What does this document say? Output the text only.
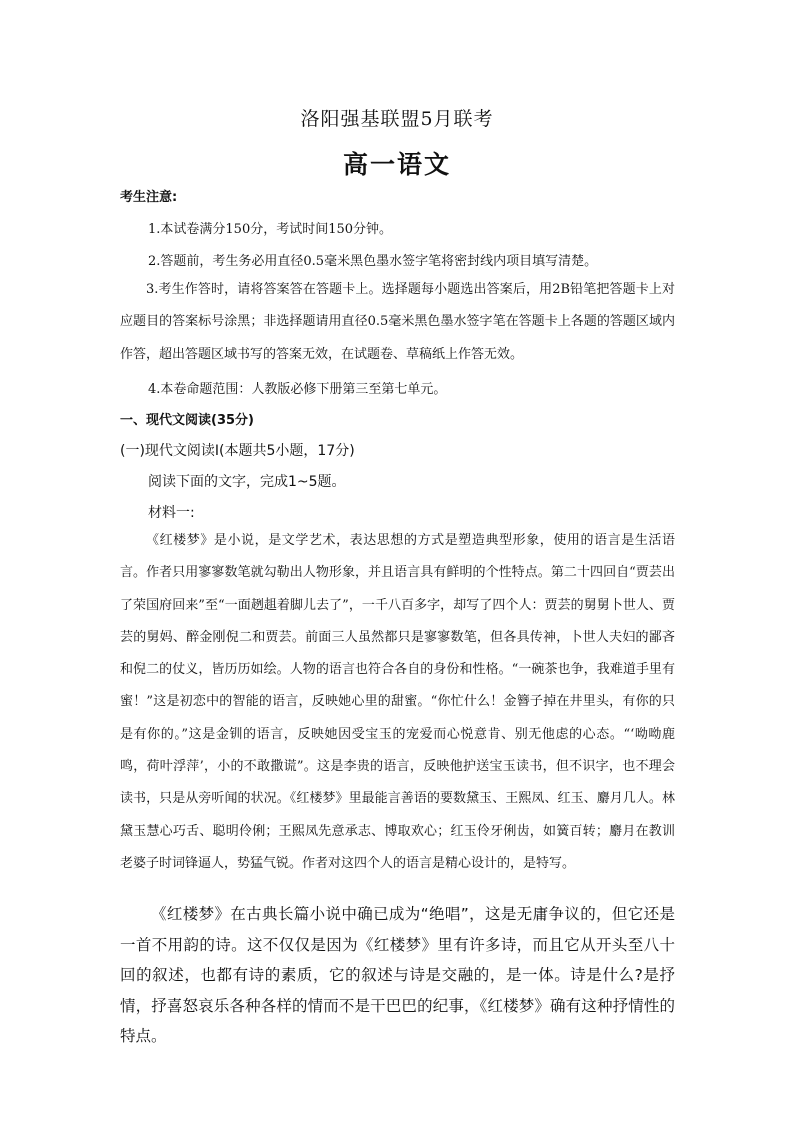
洛阳强基联盟5月联考
高一语文
考生注意:
1.本试卷满分150分，考试时间150分钟。
2.答题前，考生务必用直径0.5毫米黑色墨水签字笔将密封线内项目填写清楚。
3.考生作答时，请将答案答在答题卡上。选择题每小题选出答案后，用2B铅笔把答题卡上对应题目的答案标号涂黑；非选择题请用直径0.5毫米黑色墨水签字笔在答题卡上各题的答题区域内作答，超出答题区域书写的答案无效，在试题卷、草稿纸上作答无效。
4.本卷命题范围：人教版必修下册第三至第七单元。
一、现代文阅读(35分)
(一)现代文阅读Ⅰ(本题共5小题，17分)
阅读下面的文字，完成1~5题。
材料一:
《红楼梦》是小说，是文学艺术，表达思想的方式是塑造典型形象，使用的语言是生活语言。作者只用寥寥数笔就勾勒出人物形象，并且语言具有鲜明的个性特点。第二十四回自“贾芸出了荣国府回来”至“一面趔趄着脚儿去了”，一千八百多字，却写了四个人：贾芸的舅舅卜世人、贾芸的舅妈、醉金刚倪二和贾芸。前面三人虽然都只是寥寥数笔，但各具传神，卜世人夫妇的鄙吝和倪二的仗义，皆历历如绘。人物的语言也符合各自的身份和性格。“一碗茶也争，我难道手里有蜜！”这是初恋中的智能的语言，反映她心里的甜蜜。“你忙什么！金簪子掉在井里头，有你的只是有你的。”这是金钏的语言，反映她因受宝玉的宠爱而心悦意肯、别无他虑的心态。“‘呦呦鹿鸣，荷叶浮萍’，小的不敢撒谎”。这是李贵的语言，反映他护送宝玉读书，但不识字，也不理会读书，只是从旁听闻的状况。《红楼梦》里最能言善语的要数黛玉、王熙凤、红玉、麝月几人。林黛玉慧心巧舌、聪明伶俐；王熙凤先意承志、博取欢心；红玉伶牙俐齿，如簧百转；麝月在教训老婆子时词锋逼人，势猛气锐。作者对这四个人的语言是精心设计的，是特写。
《红楼梦》在古典长篇小说中确已成为“绝唱”，这是无庸争议的，但它还是一首不用韵的诗。这不仅仅是因为《红楼梦》里有许多诗，而且它从开头至八十回的叙述，也都有诗的素质，它的叙述与诗是交融的，是一体。诗是什么?是抒情，抒喜怒哀乐各种各样的情而不是干巴巴的纪事，《红楼梦》确有这种抒情性的特点。
